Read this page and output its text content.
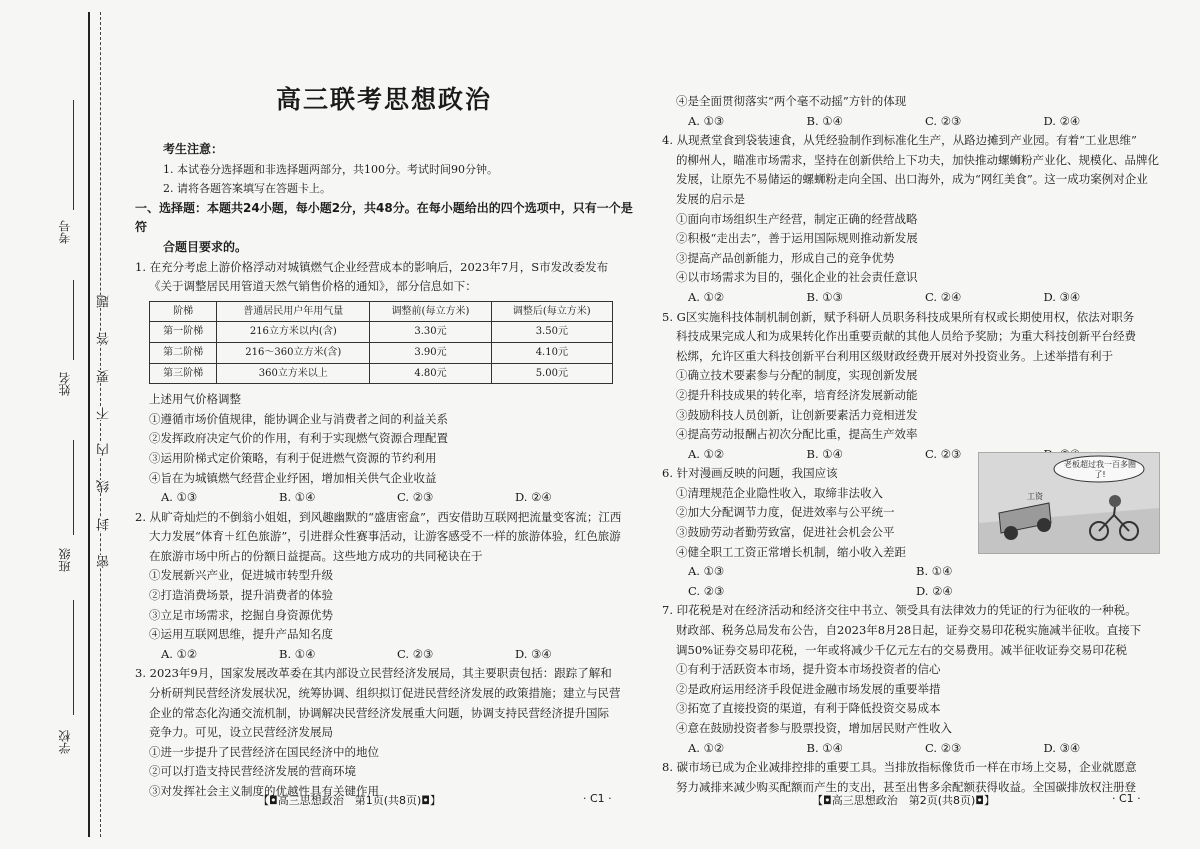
考号
姓名
班级
学校
题
答
要
不
内
线
封
密

高三联考思想政治

考生注意：

1. 本试卷分选择题和非选择题两部分，共100分。考试时间90分钟。

2. 请将各题答案填写在答题卡上。

一、选择题：本题共24小题，每小题2分，共48分。在每小题给出的四个选项中，只有一个是符

合题目要求的。

1. 在充分考虑上游价格浮动对城镇燃气企业经营成本的影响后，2023年7月，S市发改委发布

《关于调整居民用管道天然气销售价格的通知》，部分信息如下：

阶梯	普通居民用户年用气量	调整前(每立方米)	调整后(每立方米)
第一阶梯	216立方米以内(含)	3.30元	3.50元
第二阶梯	216～360立方米(含)	3.90元	4.10元
第三阶梯	360立方米以上	4.80元	5.00元

上述用气价格调整

①遵循市场价值规律，能协调企业与消费者之间的利益关系

②发挥政府决定气价的作用，有利于实现燃气资源合理配置

③运用阶梯式定价策略，有利于促进燃气资源的节约利用

④旨在为城镇燃气经营企业纾困，增加相关供气企业收益

A. ①③	B. ①④	C. ②③	D. ②④

2. 从旷奇灿烂的不倒翁小姐姐，到风趣幽默的“盛唐密盒”，西安借助互联网把流量变客流；江西

大力发展“体育＋红色旅游”，引进群众性赛事活动，让游客感受不一样的旅游体验，红色旅游

在旅游市场中所占的份额日益提高。这些地方成功的共同秘诀在于

①发展新兴产业，促进城市转型升级

②打造消费场景，提升消费者的体验

③立足市场需求，挖掘自身资源优势

④运用互联网思维，提升产品知名度

A. ①②	B. ①④	C. ②③	D. ③④

3. 2023年9月，国家发展改革委在其内部设立民营经济发展局，其主要职责包括：跟踪了解和

分析研判民营经济发展状况，统筹协调、组织拟订促进民营经济发展的政策措施；建立与民营

企业的常态化沟通交流机制，协调解决民营经济发展重大问题，协调支持民营经济提升国际

竞争力。可见，设立民营经济发展局

①进一步提升了民营经济在国民经济中的地位

②可以打造支持民营经济发展的营商环境

③对发挥社会主义制度的优越性具有关键作用

【◘高三思想政治　第1页(共8页)◘】	· C1 ·

④是全面贯彻落实“两个毫不动摇”方针的体现

A. ①③	B. ①④	C. ②③	D. ②④

4. 从现煮堂食到袋装速食，从凭经验制作到标准化生产，从路边摊到产业园。有着“工业思维”

的柳州人，瞄准市场需求，坚持在创新供给上下功夫，加快推动螺蛳粉产业化、规模化、品牌化

发展，让原先不易储运的螺蛳粉走向全国、出口海外，成为“网红美食”。这一成功案例对企业

发展的启示是

①面向市场组织生产经营，制定正确的经营战略

②积极“走出去”，善于运用国际规则推动新发展

③提高产品创新能力，形成自己的竞争优势

④以市场需求为目的，强化企业的社会责任意识

A. ①②	B. ①③	C. ②④	D. ③④

5. G区实施科技体制机制创新，赋予科研人员职务科技成果所有权或长期使用权，依法对职务

科技成果完成人和为成果转化作出重要贡献的其他人员给予奖励；为重大科技创新平台经费

松绑，允许区重大科技创新平台利用区级财政经费开展对外投资业务。上述举措有利于

①确立技术要素参与分配的制度，实现创新发展

②提升科技成果的转化率，培育经济发展新动能

③鼓励科技人员创新，让创新要素活力竞相迸发

④提高劳动报酬占初次分配比重，提高生产效率

A. ①②	B. ①④	C. ②③

6. 针对漫画反映的问题，我国应该

①清理规范企业隐性收入，取缔非法收入

②加大分配调节力度，促进效率与公平统一

③鼓励劳动者勤劳致富，促进社会机会公平

④健全职工工资正常增长机制，缩小收入差距

A. ①③	B. ①④
C. ②③	D. ②④

7. 印花税是对在经济活动和经济交往中书立、领受具有法律效力的凭证的行为征收的一种税。

财政部、税务总局发布公告，自2023年8月28日起，证券交易印花税实施减半征收。直接下

调50%证券交易印花税，一年或将减少千亿元左右的交易费用。减半征收证券交易印花税

①有利于活跃资本市场，提升资本市场投资者的信心

②是政府运用经济手段促进金融市场发展的重要举措

③拓宽了直接投资的渠道，有利于降低投资交易成本

④意在鼓励投资者参与股票投资，增加居民财产性收入

A. ①②	B. ①④	C. ②③	D. ③④

8. 碳市场已成为企业减排控排的重要工具。当排放指标像货币一样在市场上交易，企业就愿意

努力减排来减少购买配额而产生的支出，甚至出售多余配额获得收益。全国碳排放权注册登

老板超过我一百多圈了!
工资
【◘高三思想政治　第2页(共8页)◘】	· C1 ·
